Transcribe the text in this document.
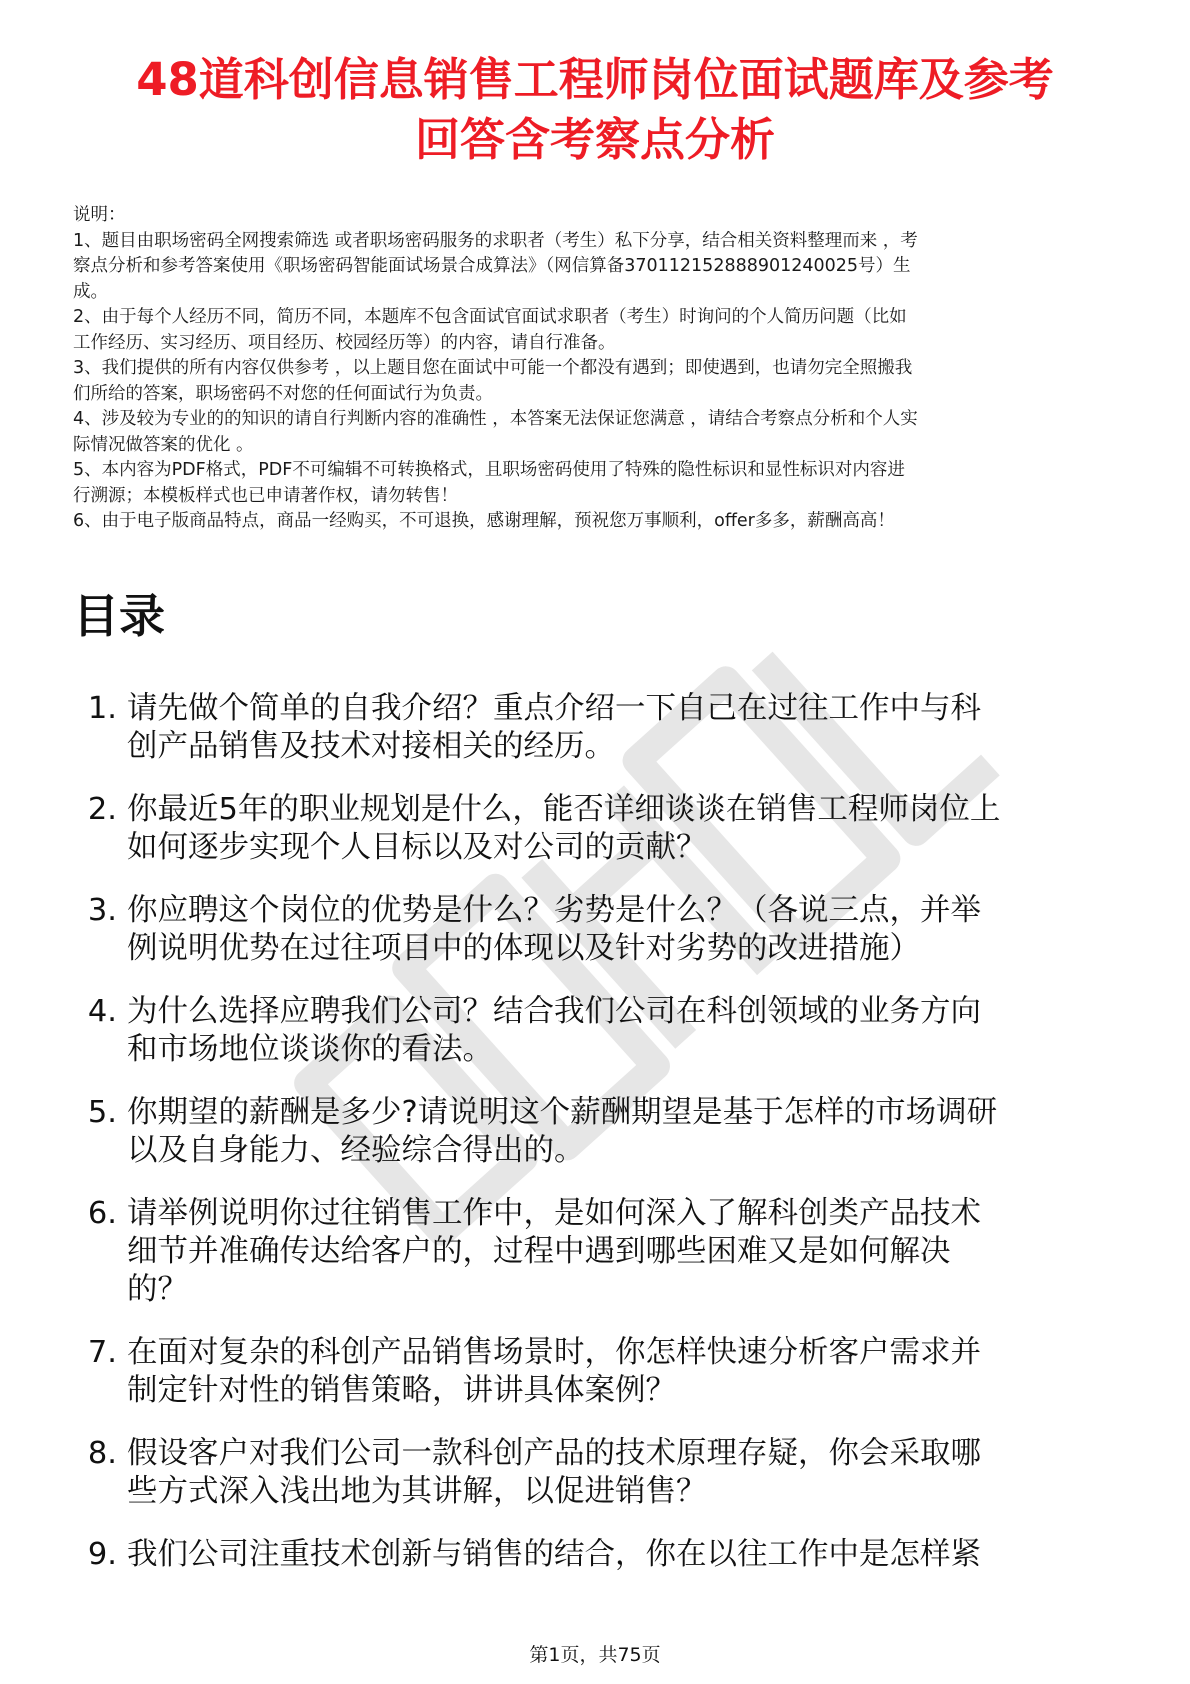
48道科创信息销售工程师岗位面试题库及参考
回答含考察点分析

说明：

1、题目由职场密码全网搜索筛选 或者职场密码服务的求职者（考生）私下分享，结合相关资料整理而来 ，考

察点分析和参考答案使用《职场密码智能面试场景合成算法》（网信算备370112152888901240025号）生

成。

2、由于每个人经历不同，简历不同，本题库不包含面试官面试求职者（考生）时询问的个人简历问题（比如

工作经历、实习经历、项目经历、校园经历等）的内容，请自行准备。

3、我们提供的所有内容仅供参考 ，以上题目您在面试中可能一个都没有遇到；即使遇到，也请勿完全照搬我

们所给的答案，职场密码不对您的任何面试行为负责。

4、涉及较为专业的的知识的请自行判断内容的准确性 ，本答案无法保证您满意 ，请结合考察点分析和个人实

际情况做答案的优化 。

5、本内容为PDF格式，PDF不可编辑不可转换格式，且职场密码使用了特殊的隐性标识和显性标识对内容进

行溯源；本模板样式也已申请著作权，请勿转售！

6、由于电子版商品特点，商品一经购买，不可退换，感谢理解，预祝您万事顺利，offer多多，薪酬高高！

目录
1. 请先做个简单的自我介绍？重点介绍一下自己在过往工作中与科
创产品销售及技术对接相关的经历。
2. 你最近5年的职业规划是什么，能否详细谈谈在销售工程师岗位上
如何逐步实现个人目标以及对公司的贡献？
3. 你应聘这个岗位的优势是什么？劣势是什么？（各说三点，并举
例说明优势在过往项目中的体现以及针对劣势的改进措施）
4. 为什么选择应聘我们公司？结合我们公司在科创领域的业务方向
和市场地位谈谈你的看法。
5. 你期望的薪酬是多少?请说明这个薪酬期望是基于怎样的市场调研
以及自身能力、经验综合得出的。
6. 请举例说明你过往销售工作中，是如何深入了解科创类产品技术
细节并准确传达给客户的，过程中遇到哪些困难又是如何解决
的？
7. 在面对复杂的科创产品销售场景时，你怎样快速分析客户需求并
制定针对性的销售策略，讲讲具体案例？
8. 假设客户对我们公司一款科创产品的技术原理存疑，你会采取哪
些方式深入浅出地为其讲解，以促进销售？
9. 我们公司注重技术创新与销售的结合，你在以往工作中是怎样紧
第1页，共75页
